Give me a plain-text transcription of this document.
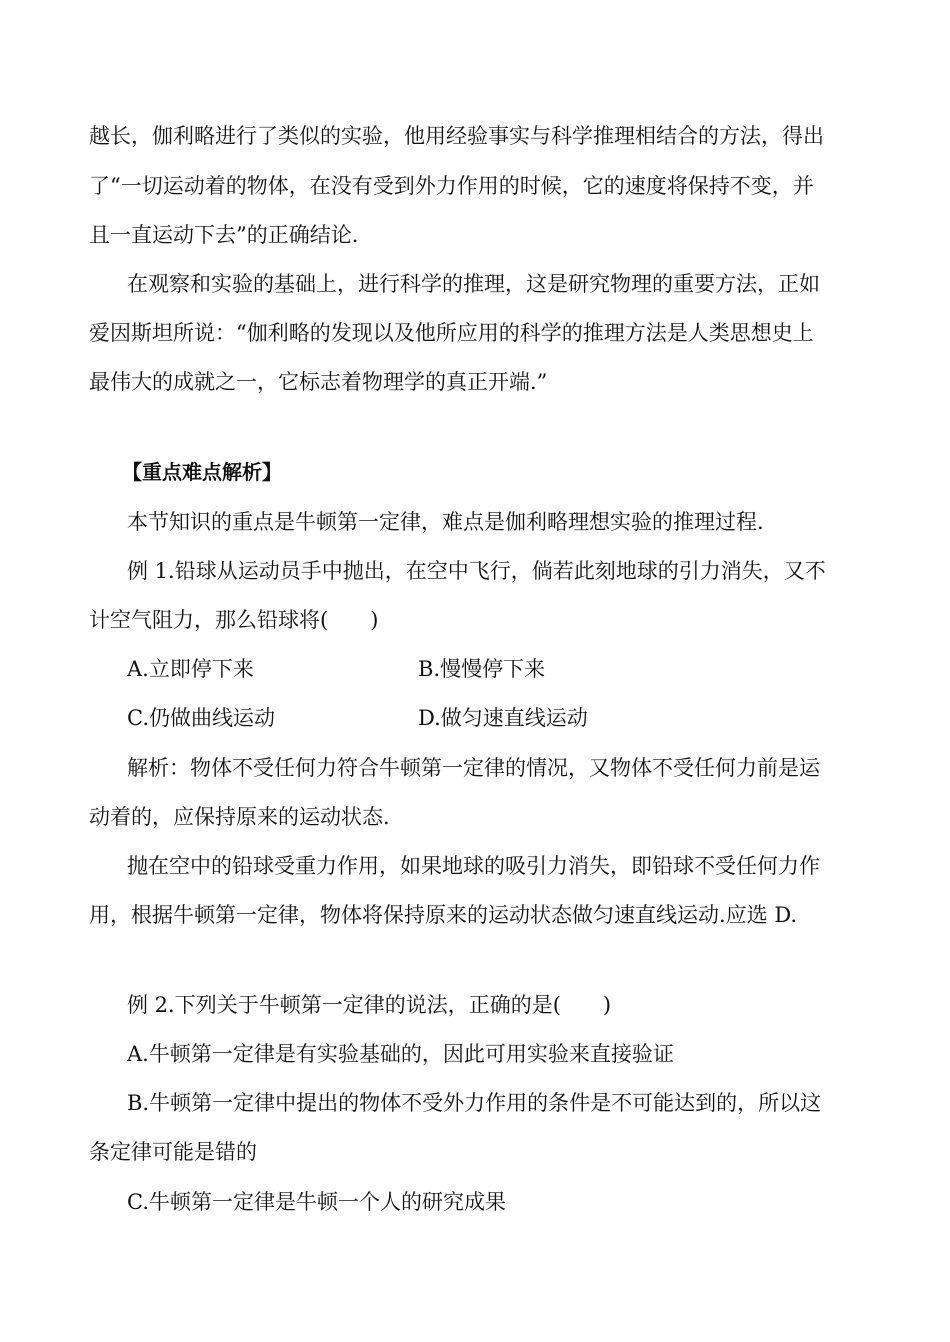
越长，伽利略进行了类似的实验，他用经验事实与科学推理相结合的方法，得出
了“一切运动着的物体，在没有受到外力作用的时候，它的速度将保持不变，并
且一直运动下去”的正确结论.
在观察和实验的基础上，进行科学的推理，这是研究物理的重要方法，正如
爱因斯坦所说：“伽利略的发现以及他所应用的科学的推理方法是人类思想史上
最伟大的成就之一，它标志着物理学的真正开端.”
【重点难点解析】
本节知识的重点是牛顿第一定律，难点是伽利略理想实验的推理过程.
例 1.铅球从运动员手中抛出，在空中飞行，倘若此刻地球的引力消失，又不
计空气阻力，那么铅球将(　　)
A.立即停下来	B.慢慢停下来
C.仍做曲线运动	D.做匀速直线运动
解析：物体不受任何力符合牛顿第一定律的情况，又物体不受任何力前是运
动着的，应保持原来的运动状态.
抛在空中的铅球受重力作用，如果地球的吸引力消失，即铅球不受任何力作
用，根据牛顿第一定律，物体将保持原来的运动状态做匀速直线运动.应选 D.
例 2.下列关于牛顿第一定律的说法，正确的是(　　)
A.牛顿第一定律是有实验基础的，因此可用实验来直接验证
B.牛顿第一定律中提出的物体不受外力作用的条件是不可能达到的，所以这
条定律可能是错的
C.牛顿第一定律是牛顿一个人的研究成果
